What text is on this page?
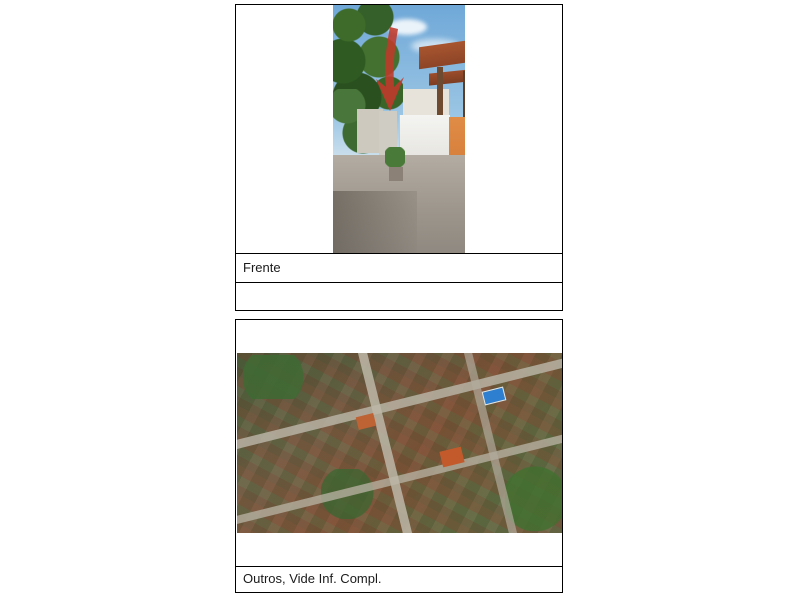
Frente
Outros, Vide Inf. Compl.
